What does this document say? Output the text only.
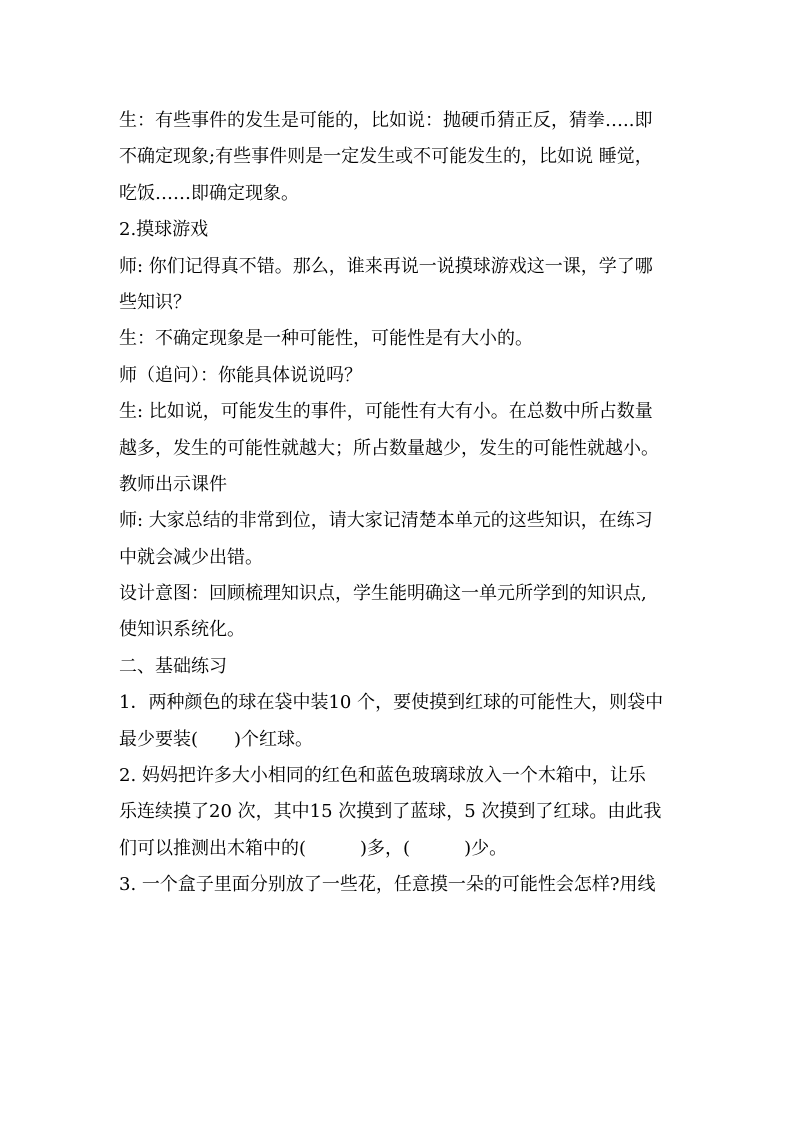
生：有些事件的发生是可能的，比如说：抛硬币猜正反，猜拳…..即
不确定现象;有些事件则是一定发生或不可能发生的，比如说 睡觉，
吃饭……即确定现象。
2.摸球游戏
师: 你们记得真不错。那么，谁来再说一说摸球游戏这一课，学了哪
些知识？
生：不确定现象是一种可能性，可能性是有大小的。
师（追问）：你能具体说说吗？
生: 比如说，可能发生的事件，可能性有大有小。在总数中所占数量
越多，发生的可能性就越大；所占数量越少，发生的可能性就越小。
教师出示课件
师: 大家总结的非常到位，请大家记清楚本单元的这些知识，在练习
中就会减少出错。
设计意图：回顾梳理知识点，学生能明确这一单元所学到的知识点,
使知识系统化。
二、基础练习
1．两种颜色的球在袋中装10 个，要使摸到红球的可能性大，则袋中
最少要装(　　)个红球。
2. 妈妈把许多大小相同的红色和蓝色玻璃球放入一个木箱中，让乐
乐连续摸了20 次，其中15 次摸到了蓝球，5 次摸到了红球。由此我
们可以推测出木箱中的(　　　)多，(　　　)少。
3. 一个盒子里面分别放了一些花，任意摸一朵的可能性会怎样?用线
